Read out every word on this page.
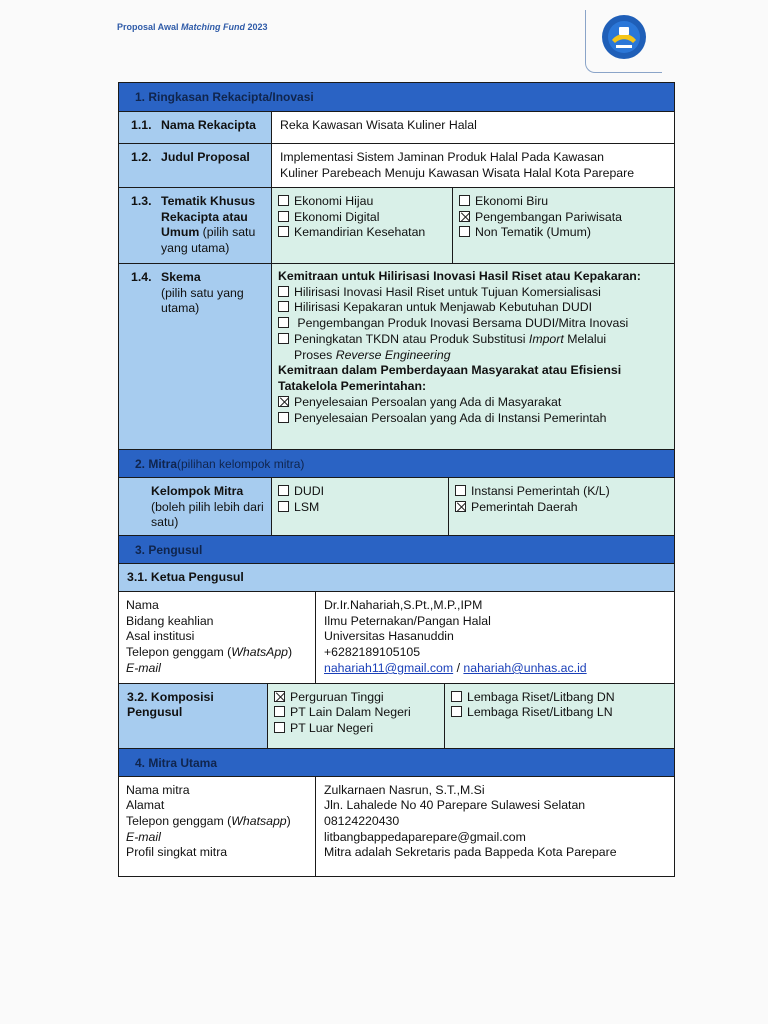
Proposal Awal Matching Fund 2023
1. Ringkasan Rekacipta/Inovasi
1.1. Nama Rekacipta	Reka Kawasan Wisata Kuliner Halal
1.2. Judul Proposal	Implementasi Sistem Jaminan Produk Halal Pada Kawasan
Kuliner Parebeach Menuju Kawasan Wisata Halal Kota Parepare
1.3. Tematik Khusus Rekacipta atau Umum (pilih satu yang utama)
Ekonomi Hijau
Ekonomi Digital
Kemandirian Kesehatan
Ekonomi Biru
Pengembangan Pariwisata
Non Tematik (Umum)
1.4. Skema
(pilih satu yang utama)
Kemitraan untuk Hilirisasi Inovasi Hasil Riset atau Kepakaran:
Hilirisasi Inovasi Hasil Riset untuk Tujuan Komersialisasi
Hilirisasi Kepakaran untuk Menjawab Kebutuhan DUDI
Pengembangan Produk Inovasi Bersama DUDI/Mitra Inovasi
Peningkatan TKDN atau Produk Substitusi Import Melalui
Proses Reverse Engineering
Kemitraan dalam Pemberdayaan Masyarakat atau Efisiensi Tatakelola Pemerintahan:
Penyelesaian Persoalan yang Ada di Masyarakat
Penyelesaian Persoalan yang Ada di Instansi Pemerintah
2. Mitra (pilihan kelompok mitra)
Kelompok Mitra
(boleh pilih lebih dari satu)
DUDI
LSM
Instansi Pemerintah (K/L)
Pemerintah Daerah
3. Pengusul
3.1. Ketua Pengusul
Nama
Bidang keahlian
Asal institusi
Telepon genggam (WhatsApp)
E-mail
Dr.Ir.Nahariah,S.Pt.,M.P.,IPM
Ilmu Peternakan/Pangan Halal
Universitas Hasanuddin
+6282189105105
nahariah11@gmail.com / nahariah@unhas.ac.id
3.2. Komposisi Pengusul
Perguruan Tinggi
PT Lain Dalam Negeri
PT Luar Negeri
Lembaga Riset/Litbang DN
Lembaga Riset/Litbang LN
4. Mitra Utama
Nama mitra
Alamat
Telepon genggam (Whatsapp)
E-mail
Profil singkat mitra
Zulkarnaen Nasrun, S.T.,M.Si
Jln. Lahalede No 40 Parepare Sulawesi Selatan
08124220430
litbangbappedaparepare@gmail.com
Mitra adalah Sekretaris pada Bappeda Kota Parepare
